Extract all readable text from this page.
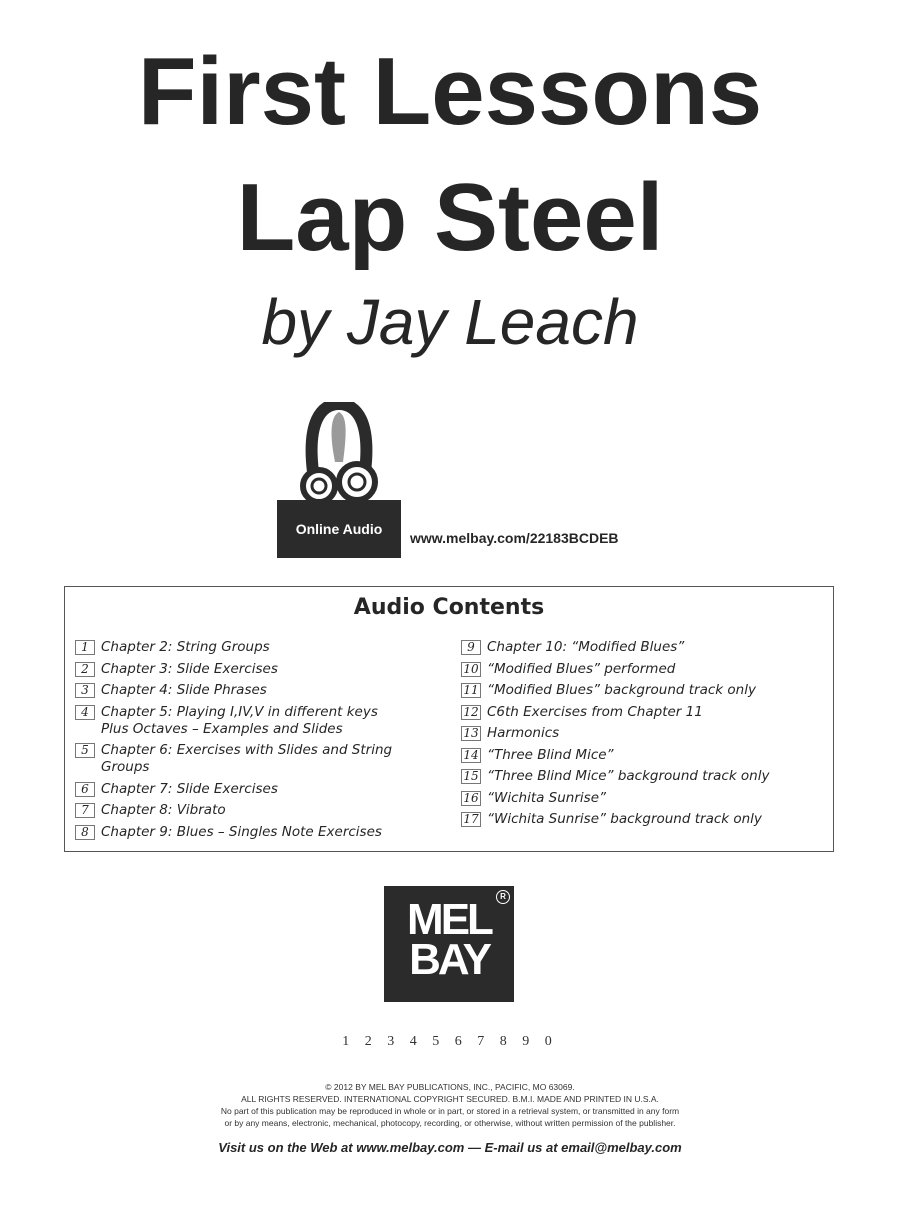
First Lessons
Lap Steel
by Jay Leach
Online Audio
www.melbay.com/22183BCDEB
Audio Contents
1 Chapter 2: String Groups
2 Chapter 3: Slide Exercises
3 Chapter 4: Slide Phrases
4 Chapter 5: Playing I,IV,V in different keys
Plus Octaves – Examples and Slides
5 Chapter 6: Exercises with Slides and String
Groups
6 Chapter 7: Slide Exercises
7 Chapter 8: Vibrato
8 Chapter 9: Blues – Singles Note Exercises
9 Chapter 10: “Modified Blues”
10 “Modified Blues” performed
11 “Modified Blues” background track only
12 C6th Exercises from Chapter 11
13 Harmonics
14 “Three Blind Mice”
15 “Three Blind Mice” background track only
16 “Wichita Sunrise”
17 “Wichita Sunrise” background track only
MEL
BAY
R
1 2 3 4 5 6 7 8 9 0
© 2012 BY MEL BAY PUBLICATIONS, INC., PACIFIC, MO 63069.
ALL RIGHTS RESERVED. INTERNATIONAL COPYRIGHT SECURED. B.M.I. MADE AND PRINTED IN U.S.A.
No part of this publication may be reproduced in whole or in part, or stored in a retrieval system, or transmitted in any form
or by any means, electronic, mechanical, photocopy, recording, or otherwise, without written permission of the publisher.
Visit us on the Web at www.melbay.com — E-mail us at email@melbay.com
